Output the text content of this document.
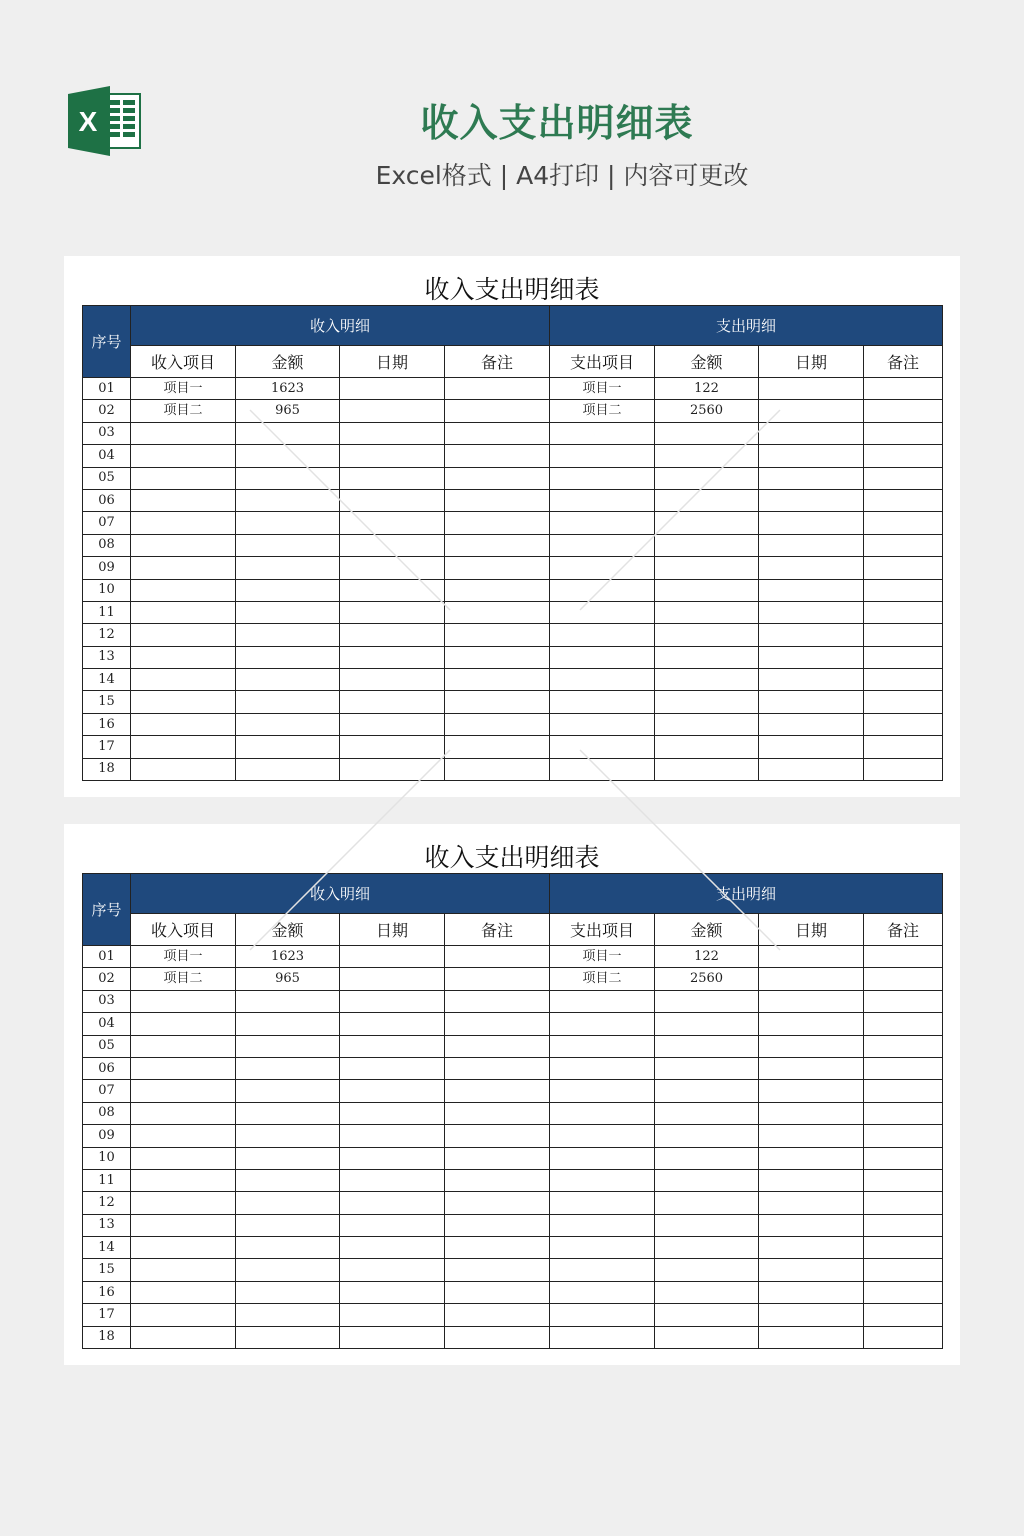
X	收入支出明细表
Excel格式 | A4打印 | 内容可更改
收入支出明细表
序号	收入明细				支出明细			
	收入项目	金额	日期	备注	支出项目	金额	日期	备注
01	项目一	1623			项目一	122		
02	项目二	965			项目二	2560		
03								
04								
05								
06								
07								
08								
09								
10								
11								
12								
13								
14								
15								
16								
17								
18								
收入支出明细表
序号	收入明细				支出明细			
	收入项目	金额	日期	备注	支出项目	金额	日期	备注
01	项目一	1623			项目一	122		
02	项目二	965			项目二	2560		
03								
04								
05								
06								
07								
08								
09								
10								
11								
12								
13								
14								
15								
16								
17								
18								
